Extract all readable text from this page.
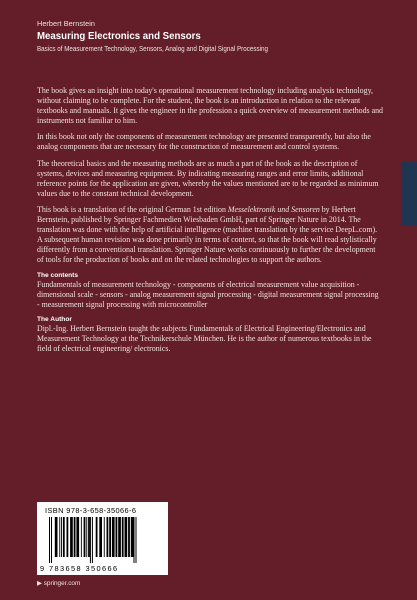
Herbert Bernstein
Measuring Electronics and Sensors
Basics of Measurement Technology, Sensors, Analog and Digital Signal Processing

The book gives an insight into today's operational measurement technology including analysis technology, without claiming to be complete. For the student, the book is an introduction in relation to the relevant textbooks and manuals. It gives the engineer in the profession a quick overview of measurement methods and instruments not familiar to him.

In this book not only the components of measurement technology are presented transparently, but also the analog components that are necessary for the construction of measurement and control systems.

The theoretical basics and the measuring methods are as much a part of the book as the description of systems, devices and measuring equipment. By indicating measuring ranges and error limits, additional reference points for the application are given, whereby the values mentioned are to be regarded as minimum values due to the constant technical development.

This book is a translation of the original German 1st edition Messelektronik und Sensoren by Herbert Bernstein, published by Springer Fachmedien Wiesbaden GmbH, part of Springer Nature in 2014. The translation was done with the help of artificial intelligence (machine translation by the service DeepL.com). A subsequent human revision was done primarily in terms of content, so that the book will read stylistically differently from a conventional translation. Springer Nature works continuously to further the development of tools for the production of books and on the related technologies to support the authors.

The contents

Fundamentals of measurement technology - components of electrical measurement value acquisition - dimensional scale - sensors - analog measurement signal processing - digital measurement signal processing - measurement signal processing with microcontroller

The Author

Dipl.-Ing. Herbert Bernstein taught the subjects Fundamentals of Electrical Engineering/Electronics and Measurement Technology at the Technikerschule München. He is the author of numerous textbooks in the field of electrical engineering/ electronics.

ISBN 978-3-658-35066-6
9 783658 350666
▶ springer.com
